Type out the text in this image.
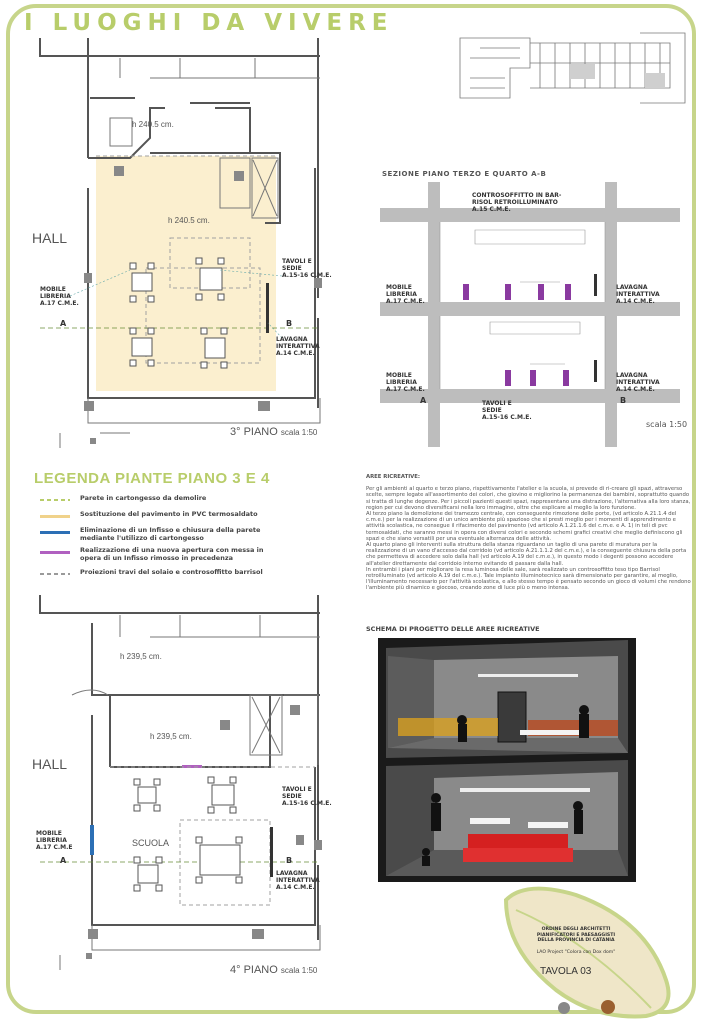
I LUOGHI DA VIVERE
h 240.5 cm.
h 240.5 cm.
HALL
MOBILE
LIBRERIA
A.17 C.M.E.
TAVOLI E
SEDIE
A.15-16 C.M.E.
LAVAGNA
INTERATTIVA
A.14 C.M.E.
A	B
3° PIANO scala 1:50
LEGENDA PIANTE PIANO 3 E 4
Parete in cartongesso da demolire
Sostituzione del pavimento in PVC termosaldato
Eliminazione di un Infisso e chiusura della parete
mediante l'utilizzo di cartongesso
Realizzazione di una nuova apertura con messa in
opera di un Infisso rimosso in precedenza
Proiezioni travi del solaio e controsoffitto barrisol
h 239,5 cm.
h 239,5 cm.
HALL
SCUOLA
MOBILE
LIBRERIA
A.17 C.M.E
TAVOLI E
SEDIE
A.15-16 C.M.E.
LAVAGNA
INTERATTIVA
A.14 C.M.E.
A	B
4° PIANO scala 1:50
SEZIONE PIANO TERZO E QUARTO A-B
CONTROSOFFITTO IN BAR-
RISOL RETROILLUMINATO
A.15 C.M.E.
MOBILE
LIBRERIA
A.17 C.M.E.
LAVAGNA
INTERATTIVA
A.14 C.M.E.
MOBILE
LIBRERIA
A.17 C.M.E.
LAVAGNA
INTERATTIVA
A.14 C.M.E.
TAVOLI E
SEDIE
A.15-16 C.M.E.
A	B
scala 1:50
AREE RICREATIVE:
Per gli ambienti al quarto e terzo piano, rispettivamente l'atelier e la scuola, si prevede di ri-creare gli spazi, attraverso scelte, sempre legate all'assortimento dei colori, che giovino e migliorino la permanenza dei bambini, soprattutto quando si tratta di lunghe degenze. Per i piccoli pazienti questi spazi, rappresentano una distrazione, l'alternativa alla loro stanza, region per cui devono diversificarsi nella loro immagine, oltre che esplicare al meglio la loro funzione.
Al terzo piano la demolizione dei tramezzo centrale, con conseguente rimozione delle porte, (vd articolo A.21.1.4 del c.m.e.) per la realizzazione di un unico ambiente più spazioso che si presti meglio per i momenti di apprendimento e attività scolastica, ne consegue il rifacimento del pavimento (vd articolo A.1.21.1.6 del c.m.e. e A. 1) in teli di pvc termosaldati, che saranno messi in opera con diversi colori e secondo schemi grafici creativi che meglio definiscono gli spazi e che siano versatili per una eventuale alternanza delle attività.
Al quarto piano gli interventi sulla struttura della stanza riguardano un taglio di una parete di muratura per la realizzazione di un vano d'accesso dal corridoio (vd articolo A.21.1.1.2 del c.m.e.), e la conseguente chiusura della porta che permetteva di accedere solo dalla hall (vd articolo A.19 del c.m.e.), in questo modo i degenti possono accedere all'atelier direttamente dal corridoio interno evitando di passare dalla hall.
In entrambi i piani per migliorare la resa luminosa delle sale, sarà realizzato un controsoffitto teso tipo Barrisol retroilluminato (vd articolo A.19 del c.m.e.). Tale impianto illuminotecnico sarà dimensionato per garantire, al meglio, l'illuminamento necessario per l'attività scolastica, e allo stesso tempo è pensato secondo un gioco di volumi che rendono l'ambiente più dinamico e giocoso, creando zone di luce più o meno intensa.
SCHEMA DI PROGETTO DELLE AREE RICREATIVE
ORDINE DEGLI ARCHITETTI
PIANIFICATORI E PAESAGGISTI
DELLA PROVINCIA DI CATANIA
LAO Project "Colora con Dox dom"
TAVOLA 03
